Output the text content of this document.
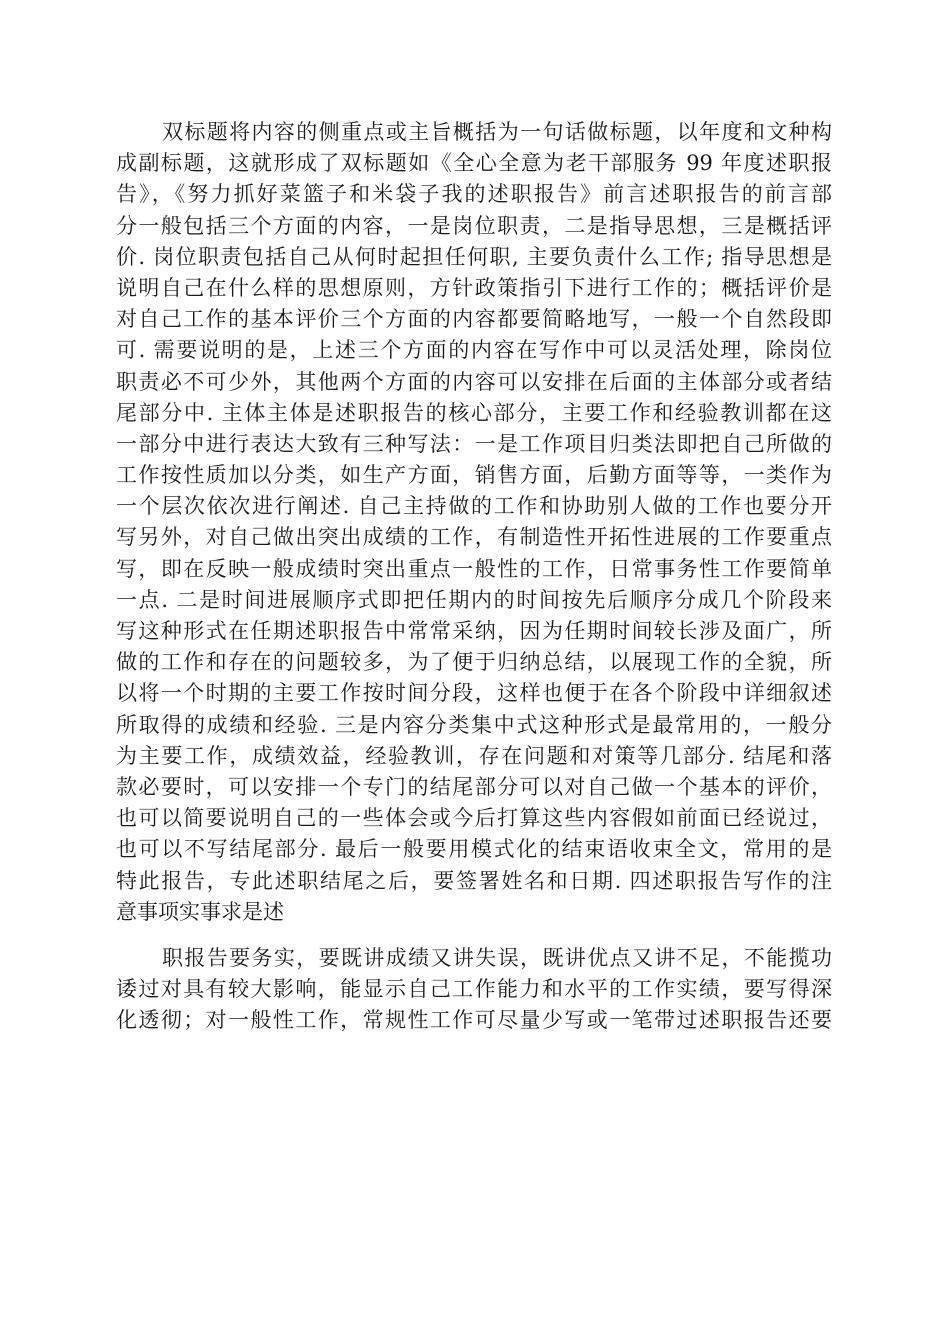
双标题将内容的侧重点或主旨概括为一句话做标题，以年度和文种构
成副标题，这就形成了双标题如《全心全意为老干部服务 99 年度述职报
告》，《努力抓好菜篮子和米袋子我的述职报告》前言述职报告的前言部
分一般包括三个方面的内容，一是岗位职责，二是指导思想，三是概括评
价. 岗位职责包括自己从何时起担任何职, 主要负责什么工作; 指导思想是
说明自己在什么样的思想原则，方针政策指引下进行工作的；概括评价是
对自己工作的基本评价三个方面的内容都要简略地写，一般一个自然段即
可. 需要说明的是，上述三个方面的内容在写作中可以灵活处理，除岗位
职责必不可少外，其他两个方面的内容可以安排在后面的主体部分或者结
尾部分中. 主体主体是述职报告的核心部分，主要工作和经验教训都在这
一部分中进行表达大致有三种写法：一是工作项目归类法即把自己所做的
工作按性质加以分类，如生产方面，销售方面，后勤方面等等，一类作为
一个层次依次进行阐述. 自己主持做的工作和协助别人做的工作也要分开
写另外，对自己做出突出成绩的工作，有制造性开拓性进展的工作要重点
写，即在反映一般成绩时突出重点一般性的工作，日常事务性工作要简单
一点. 二是时间进展顺序式即把任期内的时间按先后顺序分成几个阶段来
写这种形式在任期述职报告中常常采纳，因为任期时间较长涉及面广，所
做的工作和存在的问题较多，为了便于归纳总结，以展现工作的全貌，所
以将一个时期的主要工作按时间分段，这样也便于在各个阶段中详细叙述
所取得的成绩和经验. 三是内容分类集中式这种形式是最常用的，一般分
为主要工作，成绩效益，经验教训，存在问题和对策等几部分. 结尾和落
款必要时，可以安排一个专门的结尾部分可以对自己做一个基本的评价，
也可以简要说明自己的一些体会或今后打算这些内容假如前面已经说过，
也可以不写结尾部分. 最后一般要用模式化的结束语收束全文，常用的是
特此报告，专此述职结尾之后，要签署姓名和日期. 四述职报告写作的注
意事项实事求是述
职报告要务实，要既讲成绩又讲失误，既讲优点又讲不足，不能揽功
诿过对具有较大影响，能显示自己工作能力和水平的工作实绩，要写得深
化透彻；对一般性工作，常规性工作可尽量少写或一笔带过述职报告还要
